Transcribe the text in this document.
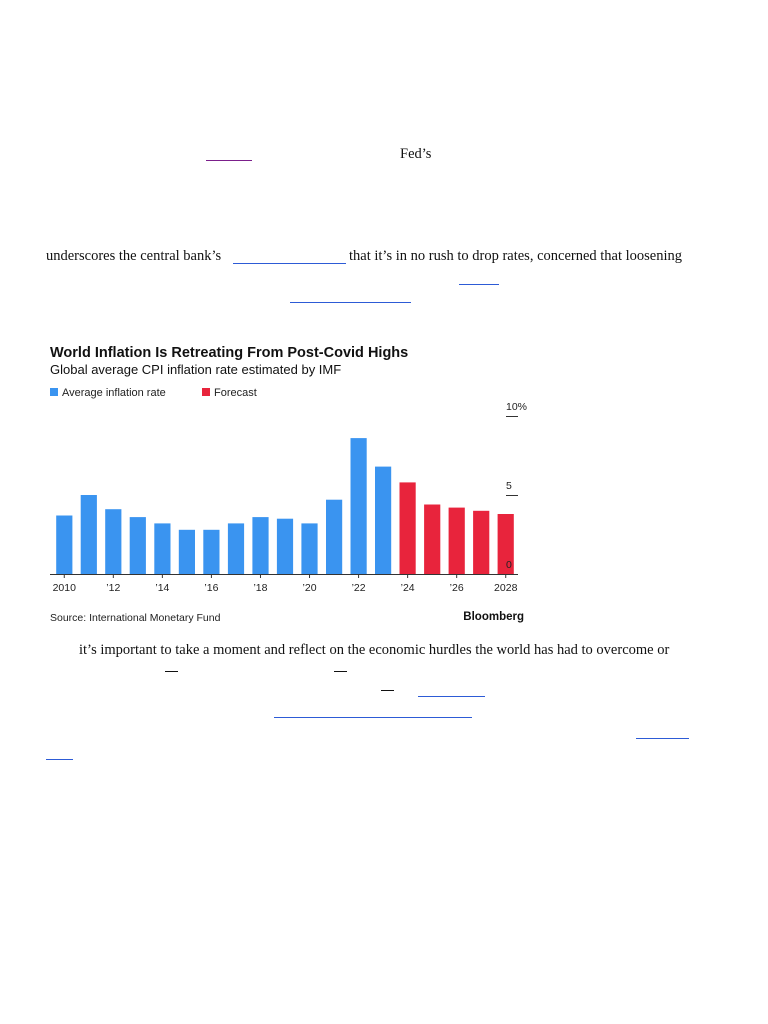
Fed’s
underscores the central bank’s	that it’s in no rush to drop rates, concerned that loosening
World Inflation Is Retreating From Post-Covid Highs
Global average CPI inflation rate estimated by IMF
Average inflation rate	Forecast
2010	’12	’14	’16	’18	’20	’22	’24	’26	2028
0
5
10%
Source: International Monetary Fund	Bloomberg
it’s important to take a moment and reflect on the economic hurdles the world has had to overcome or
